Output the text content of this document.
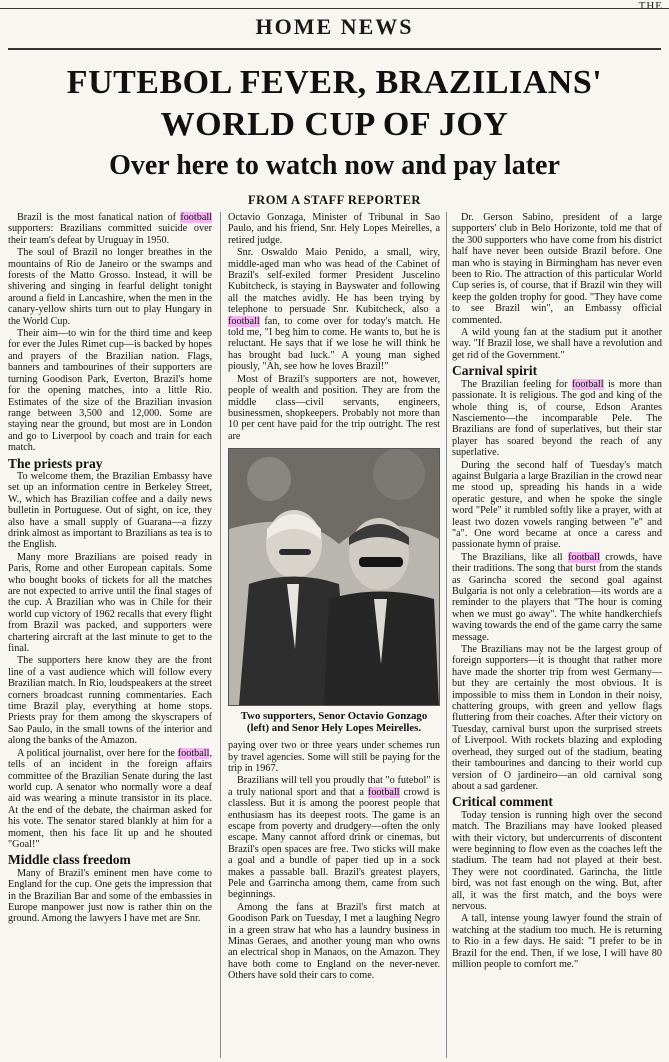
THE
HOME NEWS
FUTEBOL FEVER, BRAZILIANS'
WORLD CUP OF JOY
Over here to watch now and pay later
FROM A STAFF REPORTER

Brazil is the most fanatical nation of football supporters: Brazilians committed suicide over their team's defeat by Uruguay in 1950.

The soul of Brazil no longer breathes in the mountains of Rio de Janeiro or the swamps and forests of the Matto Grosso. Instead, it will be shivering and singing in fearful delight tonight around a field in Lancashire, when the men in the canary-yellow shirts turn out to play Hungary in the World Cup.

Their aim—to win for the third time and keep for ever the Jules Rimet cup—is backed by hopes and prayers of the Brazilian nation. Flags, banners and tambourines of their supporters are turning Goodison Park, Everton, Brazil's home for the opening matches, into a little Rio. Estimates of the size of the Brazilian invasion range between 3,500 and 12,000. Some are staying near the ground, but most are in London and go to Liverpool by coach and train for each match.

The priests pray

To welcome them, the Brazilian Embassy have set up an information centre in Berkeley Street, W., which has Brazilian coffee and a daily news bulletin in Portuguese. Out of sight, on ice, they also have a small supply of Guarana—a fizzy drink almost as important to Brazilians as tea is to the English.

Many more Brazilians are poised ready in Paris, Rome and other European capitals. Some who bought books of tickets for all the matches are not expected to arrive until the final stages of the cup. A Brazilian who was in Chile for their world cup victory of 1962 recalls that every flight from Brazil was packed, and supporters were chartering aircraft at the last minute to get to the final.

The supporters here know they are the front line of a vast audience which will follow every Brazilian match. In Rio, loudspeakers at the street corners broadcast running commentaries. Each time Brazil play, everything at home stops. Priests pray for them among the skyscrapers of Sao Paulo, in the small towns of the interior and along the banks of the Amazon.

A political journalist, over here for the football, tells of an incident in the foreign affairs committee of the Brazilian Senate during the last world cup. A senator who normally wore a deaf aid was wearing a minute transistor in its place. At the end of the debate, the chairman asked for his vote. The senator stared blankly at him for a moment, then his face lit up and he shouted "Goal!"

Middle class freedom

Many of Brazil's eminent men have come to England for the cup. One gets the impression that in the Brazilian Bar and some of the embassies in Europe manpower just now is rather thin on the ground. Among the lawyers I have met are Snr.

Octavio Gonzaga, Minister of Tribunal in Sao Paulo, and his friend, Snr. Hely Lopes Meirelles, a retired judge.

Snr. Oswaldo Maio Penido, a small, wiry, middle-aged man who was head of the Cabinet of Brazil's self-exiled former President Juscelino Kubitcheck, is staying in Bayswater and following all the matches avidly. He has been trying by telephone to persuade Snr. Kubitcheck, also a football fan, to come over for today's match. He told me, "I beg him to come. He wants to, but he is reluctant. He says that if we lose he will think he has brought bad luck." A young man sighed piously, "Ah, see how he loves Brazil!"

Most of Brazil's supporters are not, however, people of wealth and position. They are from the middle class—civil servants, engineers, businessmen, shopkeepers. Probably not more than 10 per cent have paid for the trip outright. The rest are

Two supporters, Senor Octavio Gonzago (left) and Senor Hely Lopes Meirelles.

paying over two or three years under schemes run by travel agencies. Some will still be paying for the trip in 1967.

Brazilians will tell you proudly that "o futebol" is a truly national sport and that a football crowd is classless. But it is among the poorest people that enthusiasm has its deepest roots. The game is an escape from poverty and drudgery—often the only escape. Many cannot afford drink or cinemas, but Brazil's open spaces are free. Two sticks will make a goal and a bundle of paper tied up in a sock makes a passable ball. Brazil's greatest players, Pele and Garrincha among them, came from such beginnings.

Among the fans at Brazil's first match at Goodison Park on Tuesday, I met a laughing Negro in a green straw hat who has a laundry business in Minas Geraes, and another young man who owns an electrical shop in Manaos, on the Amazon. They have both come to England on the never-never. Others have sold their cars to come.

Dr. Gerson Sabino, president of a large supporters' club in Belo Horizonte, told me that of the 300 supporters who have come from his district half have never been outside Brazil before. One man who is staying in Birmingham has never even been to Rio. The attraction of this particular World Cup series is, of course, that if Brazil win they will keep the golden trophy for good. "They have come to see Brazil win", an Embassy official commented.

A wild young fan at the stadium put it another way. "If Brazil lose, we shall have a revolution and get rid of the Government."

Carnival spirit

The Brazilian feeling for football is more than passionate. It is religious. The god and king of the whole thing is, of course, Edson Arantes Nasciemento—the incomparable Pele. The Brazilians are fond of superlatives, but their star player has soared beyond the reach of any superlative.

During the second half of Tuesday's match against Bulgaria a large Brazilian in the crowd near me stood up, spreading his hands in a wide operatic gesture, and when he spoke the single word "Pele" it rumbled softly like a prayer, with at least two dozen vowels ranging between "e" and "a". One word became at once a caress and passionate hymn of praise.

The Brazilians, like all football crowds, have their traditions. The song that burst from the stands as Garincha scored the second goal against Bulgaria is not only a celebration—its words are a reminder to the players that "The hour is coming when we must go away". The white handkerchiefs waving towards the end of the game carry the same message.

The Brazilians may not be the largest group of foreign supporters—it is thought that rather more have made the shorter trip from west Germany—but they are certainly the most obvious. It is impossible to miss them in London in their noisy, chattering groups, with green and yellow flags fluttering from their coaches. After their victory on Tuesday, carnival burst upon the surprised streets of Liverpool. With rockets blazing and exploding overhead, they surged out of the stadium, beating their tambourines and dancing to their world cup version of O jardineiro—an old carnival song about a sad gardener.

Critical comment

Today tension is running high over the second match. The Brazilians may have looked pleased with their victory, but undercurrents of discontent were beginning to flow even as the coaches left the stadium. The team had not played at their best. They were not coordinated. Garincha, the little bird, was not fast enough on the wing. But, after all, it was the first match, and the boys were nervous.

A tall, intense young lawyer found the strain of watching at the stadium too much. He is returning to Rio in a few days. He said: "I prefer to be in Brazil for the end. Then, if we lose, I will have 80 million people to comfort me."
